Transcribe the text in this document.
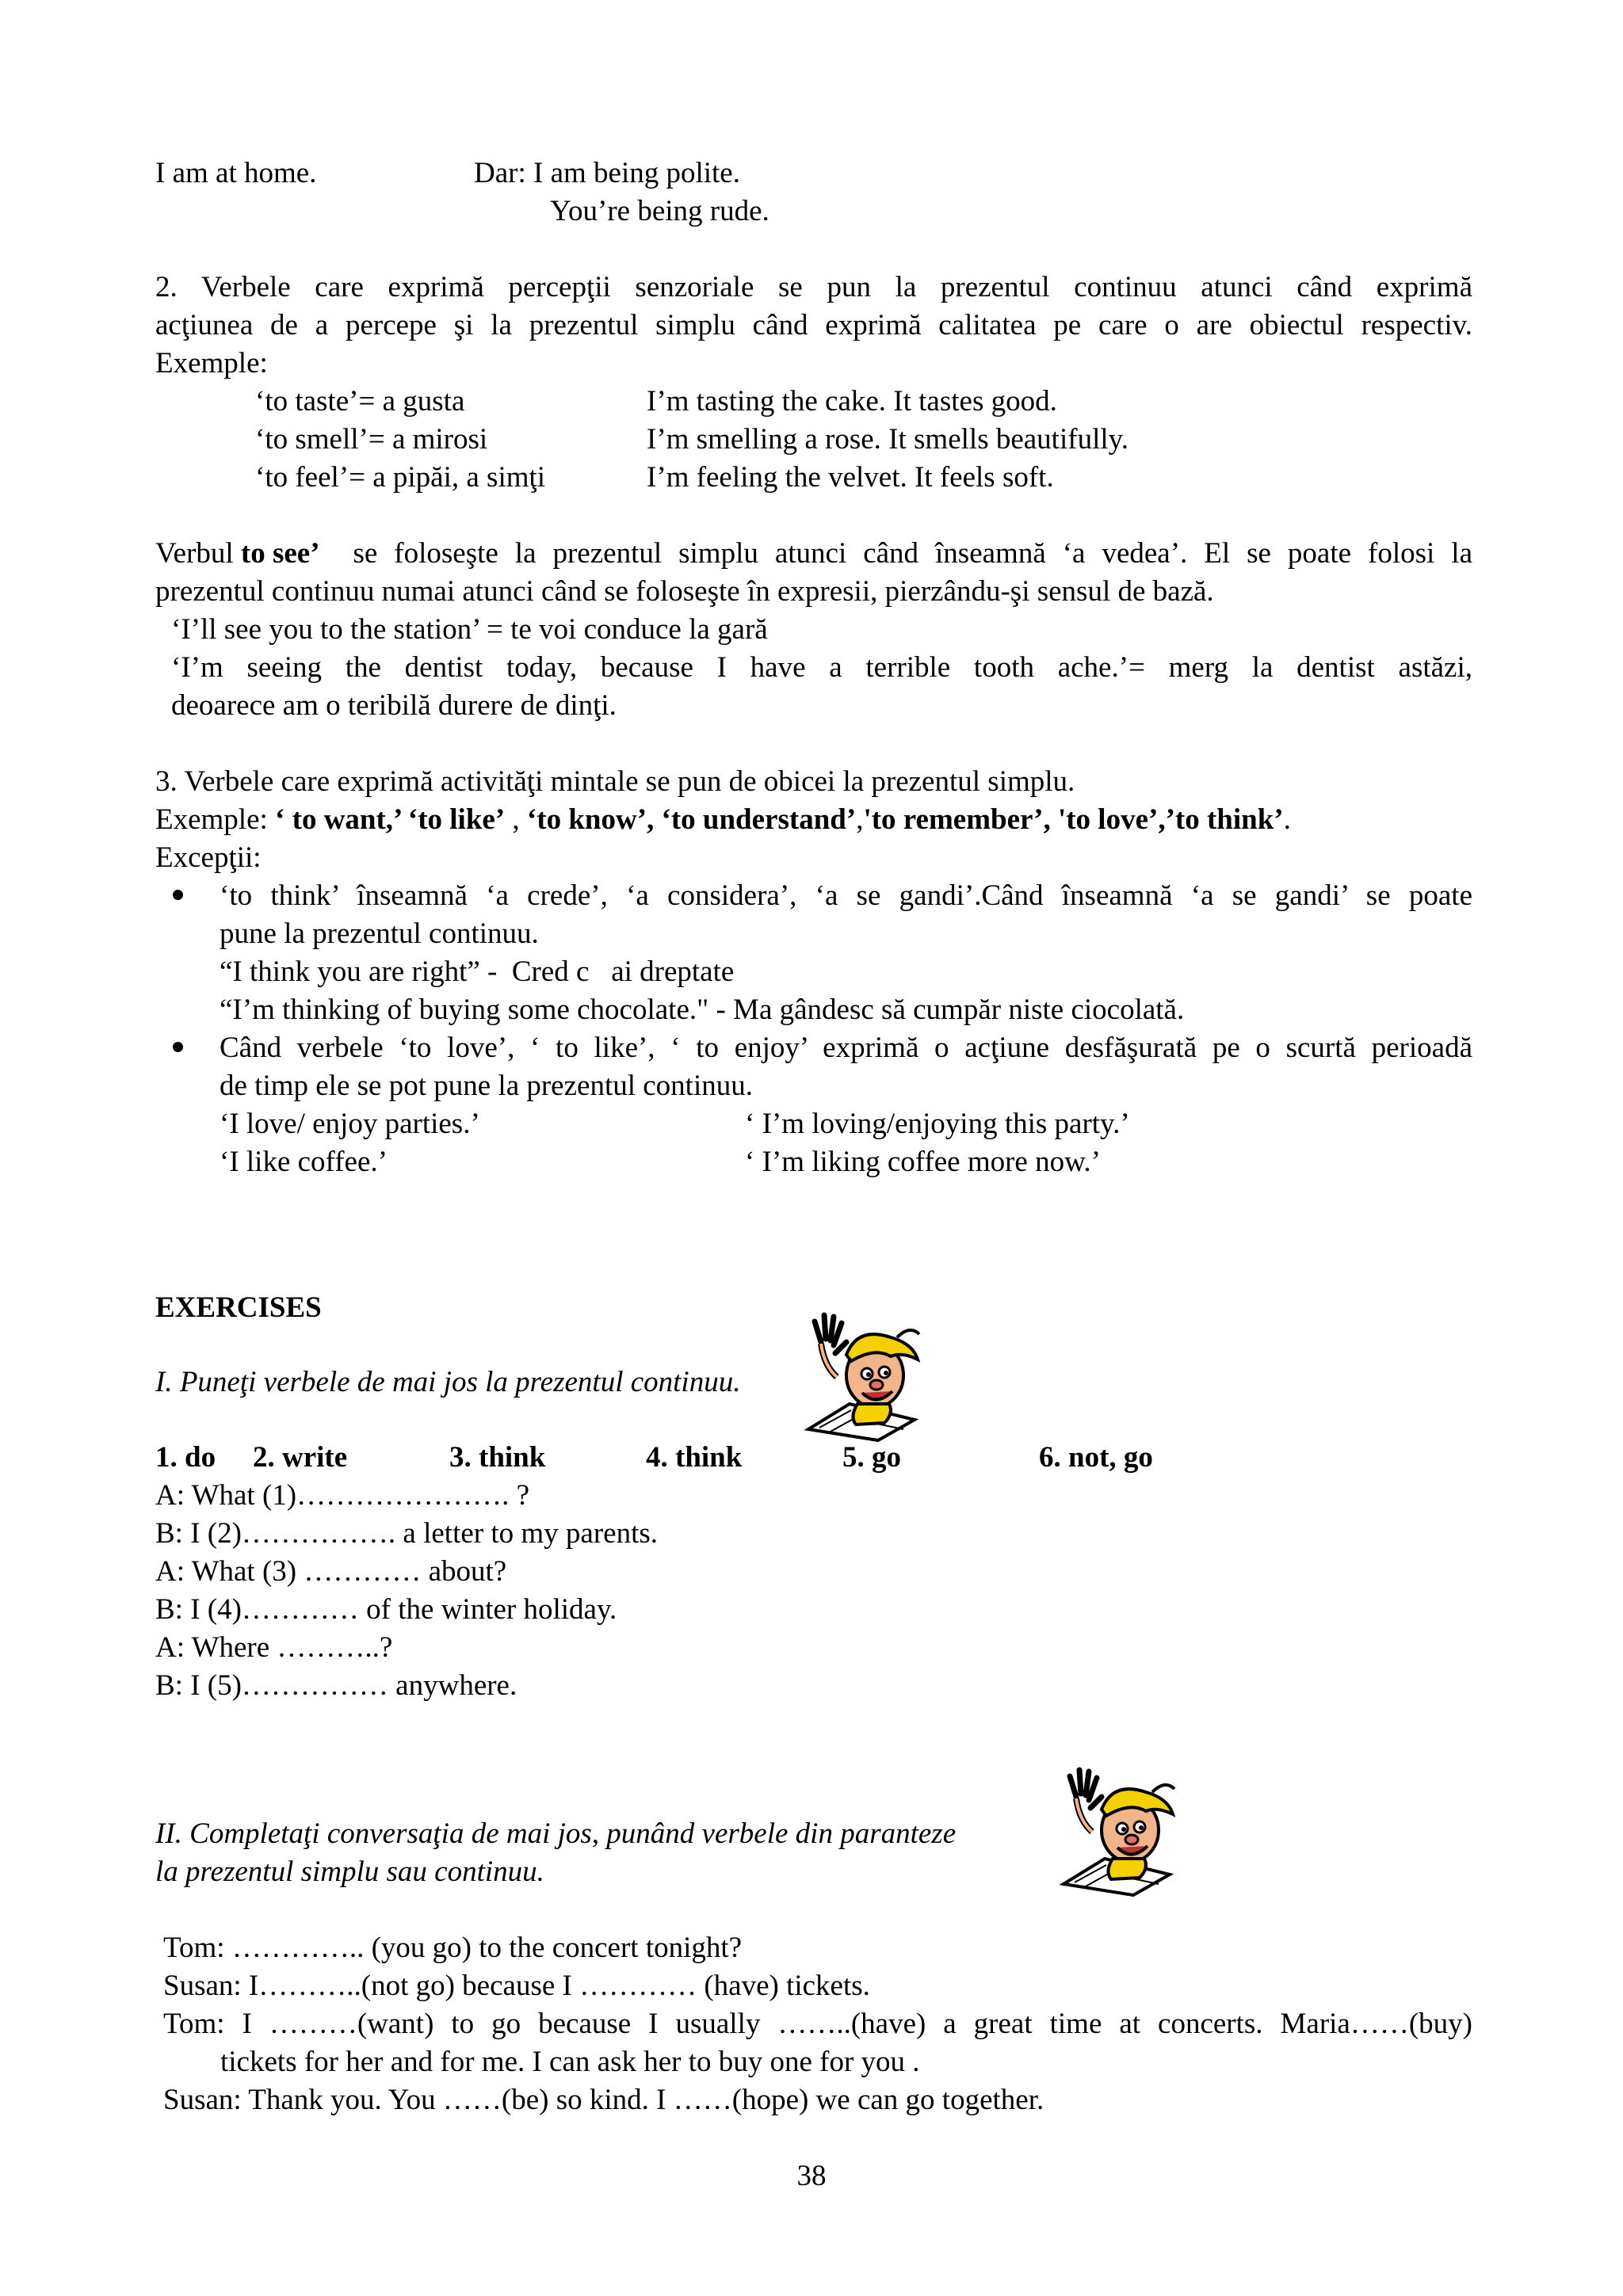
I am at home.	Dar: I am being polite.
You’re being rude.
2. Verbele care exprimă percepţii senzoriale se pun la prezentul continuu atunci când exprimă
acţiunea de a percepe şi la prezentul simplu când exprimă calitatea pe care o are obiectul respectiv.
Exemple:
‘to taste’= a gusta	I’m tasting the cake. It tastes good.
‘to smell’= a mirosi	I’m smelling a rose. It smells beautifully.
‘to feel’= a pipăi, a simţi	I’m feeling the velvet. It feels soft.
Verbul to see’ se foloseşte la prezentul simplu atunci când înseamnă ‘a vedea’. El se poate folosi la
prezentul continuu numai atunci când se foloseşte în expresii, pierzându-şi sensul de bază.
‘I’ll see you to the station’ = te voi conduce la gară
‘I’m seeing the dentist today, because I have a terrible tooth ache.’= merg la dentist astăzi,
deoarece am o teribilă durere de dinţi.
3. Verbele care exprimă activităţi mintale se pun de obicei la prezentul simplu.
Exemple: ‘ to want,’ ‘to like’ , ‘to know’, ‘to understand’,'to remember’, 'to love’,’to think’.
Excepţii:
‘to think’ înseamnă ‘a crede’, ‘a considera’, ‘a se gandi’.Când înseamnă ‘a se gandi’ se poate
pune la prezentul continuu.
“I think you are right” -  Cred c   ai dreptate
“I’m thinking of buying some chocolate." - Ma gândesc să cumpăr niste ciocolată.
Când verbele ‘to love’, ‘ to like’, ‘ to enjoy’ exprimă o acţiune desfăşurată pe o scurtă perioadă
de timp ele se pot pune la prezentul continuu.
‘I love/ enjoy parties.’	‘ I’m loving/enjoying this party.’
‘I like coffee.’	‘ I’m liking coffee more now.’
EXERCISES
I. Puneţi verbele de mai jos la prezentul continuu.
1. do 2. write	3. think	4. think	5. go	6. not, go
A: What (1)…………………. ?
B: I (2)……………. a letter to my parents.
A: What (3) ………… about?
B: I (4)………… of the winter holiday.
A: Where ………..?
B: I (5)…………… anywhere.
II. Completaţi conversaţia de mai jos, punând verbele din paranteze
la prezentul simplu sau continuu.
Tom: ………….. (you go) to the concert tonight?
Susan: I………..(not go) because I ………… (have) tickets.
Tom: I ………(want) to go because I usually ……..(have) a great time at concerts. Maria……(buy)
tickets for her and for me. I can ask her to buy one for you .
Susan: Thank you. You ……(be) so kind. I ……(hope) we can go together.
38
